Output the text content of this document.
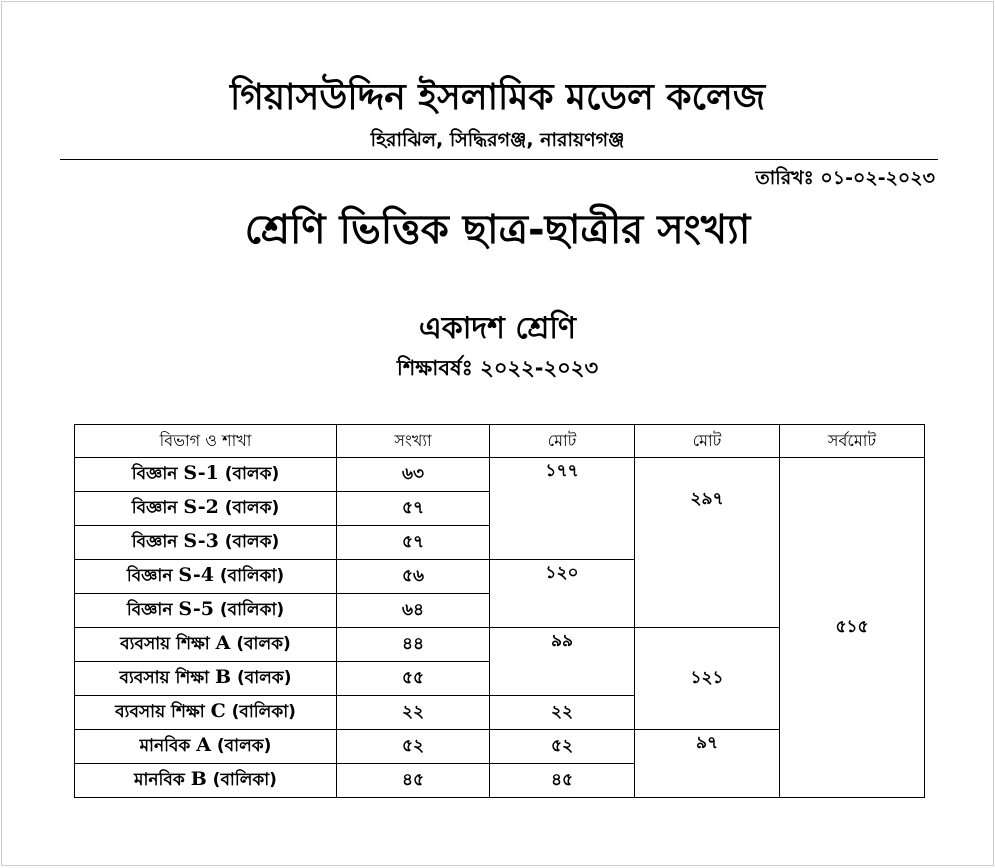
গিয়াসউদ্দিন ইসলামিক মডেল কলেজ
হিরাঝিল, সিদ্ধিরগঞ্জ, নারায়ণগঞ্জ
তারিখঃ ০১-০২-২০২৩
শ্রেণি ভিত্তিক ছাত্র-ছাত্রীর সংখ্যা
একাদশ শ্রেণি
শিক্ষাবর্ষঃ ২০২২-২০২৩
বিভাগ ও শাখা	সংখ্যা	মোট	মোট	সর্বমোট
বিজ্ঞান S-1 (বালক)	৬৩	১৭৭	২৯৭	৫১৫
বিজ্ঞান S-2 (বালক)	৫৭			
বিজ্ঞান S-3 (বালক)	৫৭			
বিজ্ঞান S-4 (বালিকা)	৫৬	১২০		
বিজ্ঞান S-5 (বালিকা)	৬৪			
ব্যবসায় শিক্ষা A (বালক)	৪৪	৯৯	১২১	
ব্যবসায় শিক্ষা B (বালক)	৫৫			
ব্যবসায় শিক্ষা C (বালিকা)	২২	২২		
মানবিক A (বালক)	৫২	৫২	৯৭	
মানবিক B (বালিকা)	৪৫	৪৫		
